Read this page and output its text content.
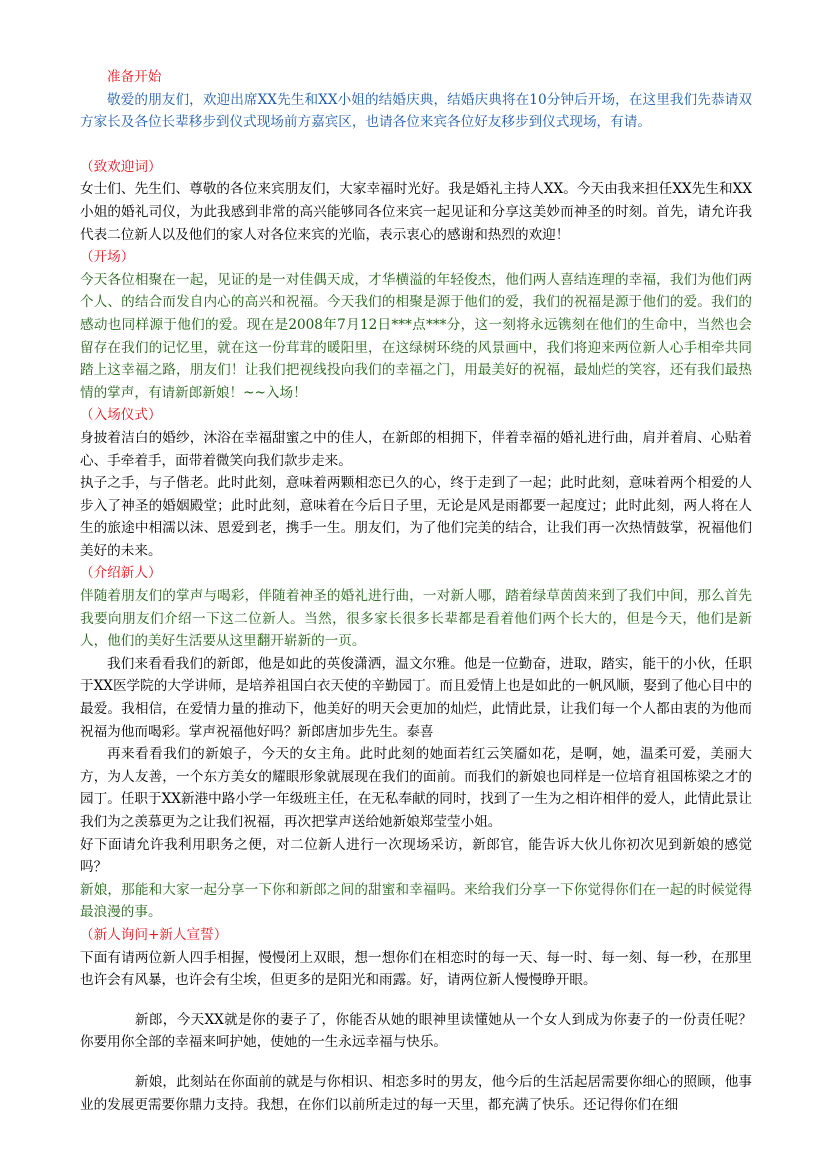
准备开始

敬爱的朋友们，欢迎出席XX先生和XX小姐的结婚庆典，结婚庆典将在10分钟后开场，在这里我们先恭请双方家长及各位长辈移步到仪式现场前方嘉宾区，也请各位来宾各位好友移步到仪式现场，有请。

（致欢迎词）

女士们、先生们、尊敬的各位来宾朋友们，大家幸福时光好。我是婚礼主持人XX。今天由我来担任XX先生和XX小姐的婚礼司仪，为此我感到非常的高兴能够同各位来宾一起见证和分享这美妙而神圣的时刻。首先，请允许我代表二位新人以及他们的家人对各位来宾的光临，表示衷心的感谢和热烈的欢迎！

（开场）

今天各位相聚在一起，见证的是一对佳偶天成，才华横溢的年轻俊杰，他们两人喜结连理的幸福，我们为他们两个人、的结合而发自内心的高兴和祝福。今天我们的相聚是源于他们的爱，我们的祝福是源于他们的爱。我们的感动也同样源于他们的爱。现在是2008年7月12日***点***分，这一刻将永远镌刻在他们的生命中，当然也会留存在我们的记忆里，就在这一份茸茸的暖阳里，在这绿树环绕的风景画中，我们将迎来两位新人心手相牵共同踏上这幸福之路，朋友们！让我们把视线投向我们的幸福之门，用最美好的祝福，最灿烂的笑容，还有我们最热情的掌声，有请新郎新娘！~~入场！

（入场仪式）

身披着洁白的婚纱，沐浴在幸福甜蜜之中的佳人，在新郎的相拥下，伴着幸福的婚礼进行曲，肩并着肩、心贴着心、手牵着手，面带着微笑向我们款步走来。

执子之手，与子偕老。此时此刻，意味着两颗相恋已久的心，终于走到了一起；此时此刻，意味着两个相爱的人步入了神圣的婚姻殿堂；此时此刻，意味着在今后日子里，无论是风是雨都要一起度过；此时此刻，两人将在人生的旅途中相濡以沫、恩爱到老，携手一生。朋友们，为了他们完美的结合，让我们再一次热情鼓掌，祝福他们美好的未来。

（介绍新人）

伴随着朋友们的掌声与喝彩，伴随着神圣的婚礼进行曲，一对新人哪，踏着绿草茵茵来到了我们中间，那么首先我要向朋友们介绍一下这二位新人。当然，很多家长很多长辈都是看着他们两个长大的，但是今天，他们是新人，他们的美好生活要从这里翻开崭新的一页。

我们来看看我们的新郎，他是如此的英俊潇洒，温文尔雅。他是一位勤奋，进取，踏实，能干的小伙，任职于XX医学院的大学讲师，是培养祖国白衣天使的辛勤园丁。而且爱情上也是如此的一帆风顺，娶到了他心目中的最爱。我相信，在爱情力量的推动下，他美好的明天会更加的灿烂，此情此景，让我们每一个人都由衷的为他而祝福为他而喝彩。掌声祝福他好吗？新郎唐加步先生。泰喜

再来看看我们的新娘子，今天的女主角。此时此刻的她面若红云笑靥如花，是啊，她，温柔可爱，美丽大方，为人友善，一个东方美女的耀眼形象就展现在我们的面前。而我们的新娘也同样是一位培育祖国栋梁之才的园丁。任职于XX新港中路小学一年级班主任，在无私奉献的同时，找到了一生为之相许相伴的爱人，此情此景让我们为之羡慕更为之让我们祝福，再次把掌声送给她新娘郑莹莹小姐。

好下面请允许我利用职务之便，对二位新人进行一次现场采访，新郎官，能告诉大伙儿你初次见到新娘的感觉吗？

新娘，那能和大家一起分享一下你和新郎之间的甜蜜和幸福吗。来给我们分享一下你觉得你们在一起的时候觉得最浪漫的事。

（新人询问+新人宣誓）

下面有请两位新人四手相握，慢慢闭上双眼，想一想你们在相恋时的每一天、每一时、每一刻、每一秒，在那里也许会有风暴，也许会有尘埃，但更多的是阳光和雨露。好，请两位新人慢慢睁开眼。

新郎，今天XX就是你的妻子了，你能否从她的眼神里读懂她从一个女人到成为你妻子的一份责任呢？你要用你全部的幸福来呵护她，使她的一生永远幸福与快乐。

新娘，此刻站在你面前的就是与你相识、相恋多时的男友，他今后的生活起居需要你细心的照顾，他事业的发展更需要你鼎力支持。我想，在你们以前所走过的每一天里，都充满了快乐。还记得你们在细
